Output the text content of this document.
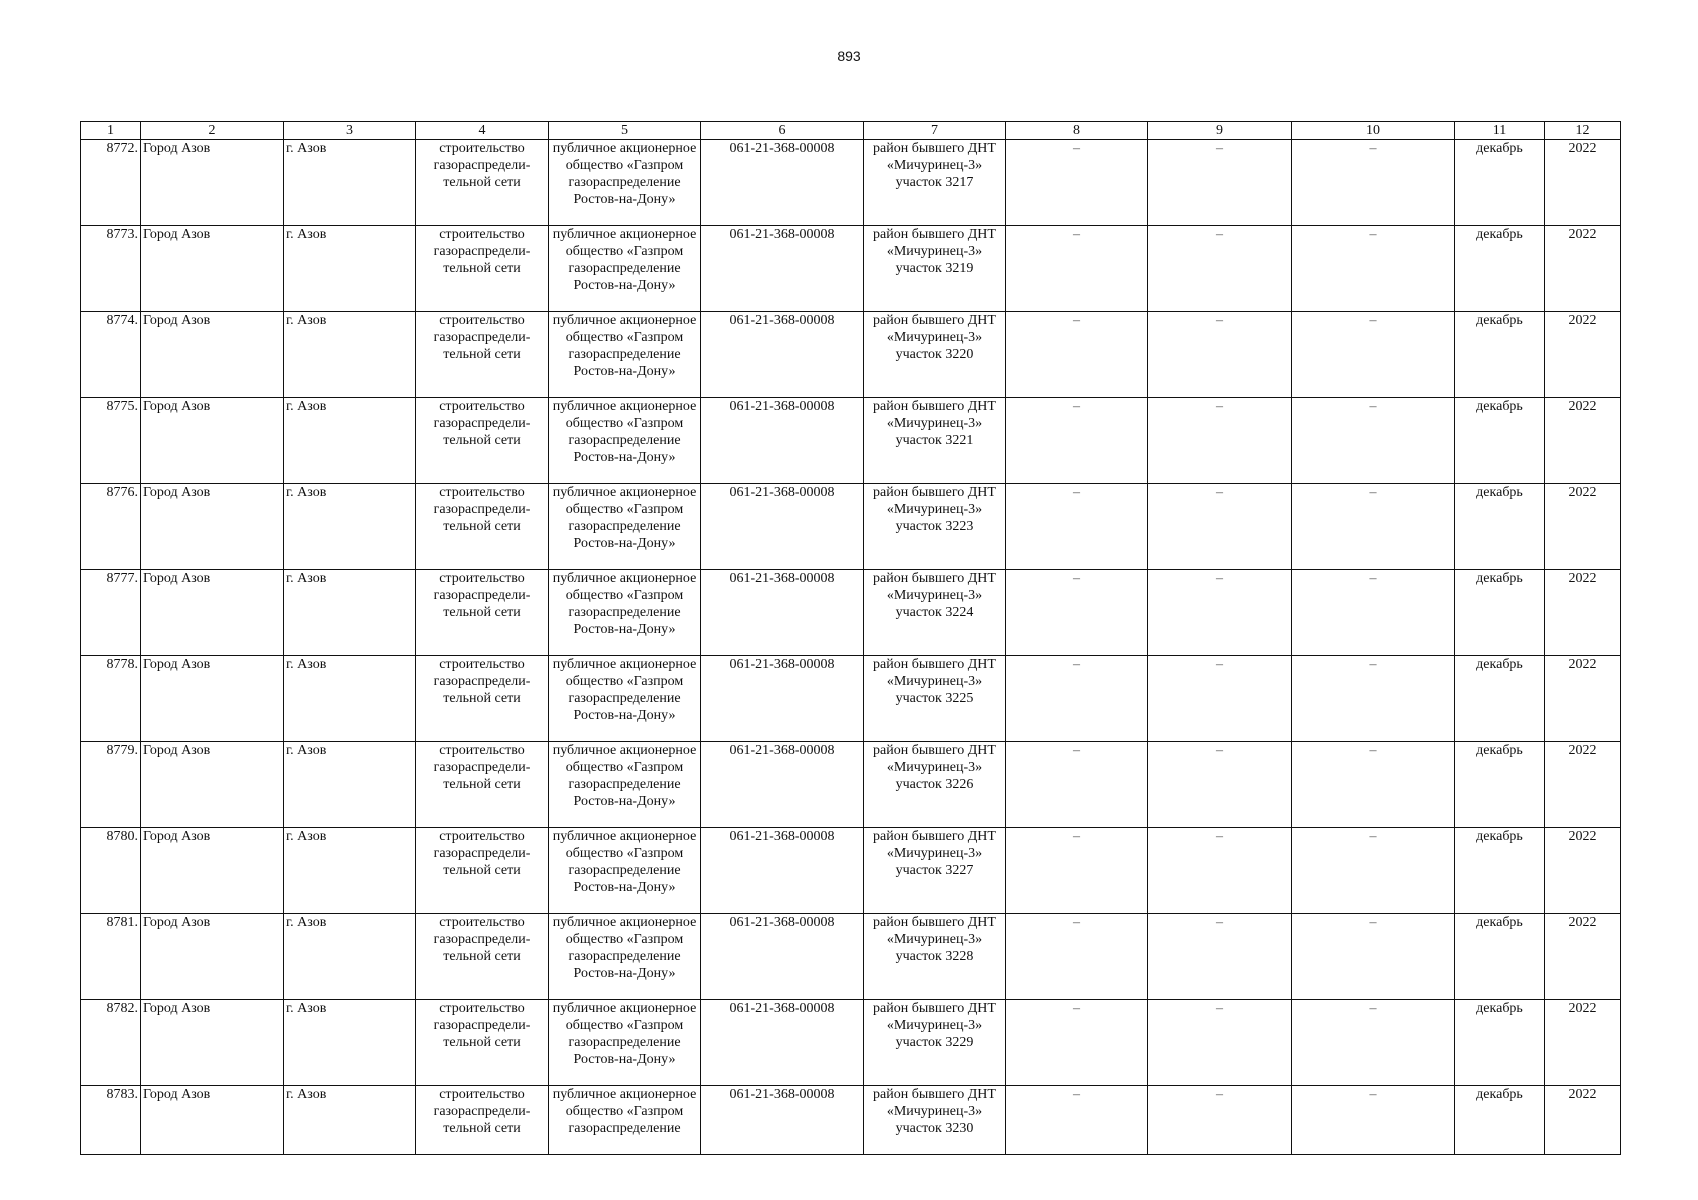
893
1	2	3	4	5	6	7	8	9	10	11	12
8772.	Город Азов	г. Азов	строительство газораспредели-тельной сети	публичное акционерное общество «Газпром газораспределение Ростов-на-Дону»	061-21-368-00008	район бывшего ДНТ «Мичуринец-3» участок 3217	–	–	–	декабрь	2022
8773.	Город Азов	г. Азов	строительство газораспредели-тельной сети	публичное акционерное общество «Газпром газораспределение Ростов-на-Дону»	061-21-368-00008	район бывшего ДНТ «Мичуринец-3» участок 3219	–	–	–	декабрь	2022
8774.	Город Азов	г. Азов	строительство газораспредели-тельной сети	публичное акционерное общество «Газпром газораспределение Ростов-на-Дону»	061-21-368-00008	район бывшего ДНТ «Мичуринец-3» участок 3220	–	–	–	декабрь	2022
8775.	Город Азов	г. Азов	строительство газораспредели-тельной сети	публичное акционерное общество «Газпром газораспределение Ростов-на-Дону»	061-21-368-00008	район бывшего ДНТ «Мичуринец-3» участок 3221	–	–	–	декабрь	2022
8776.	Город Азов	г. Азов	строительство газораспредели-тельной сети	публичное акционерное общество «Газпром газораспределение Ростов-на-Дону»	061-21-368-00008	район бывшего ДНТ «Мичуринец-3» участок 3223	–	–	–	декабрь	2022
8777.	Город Азов	г. Азов	строительство газораспредели-тельной сети	публичное акционерное общество «Газпром газораспределение Ростов-на-Дону»	061-21-368-00008	район бывшего ДНТ «Мичуринец-3» участок 3224	–	–	–	декабрь	2022
8778.	Город Азов	г. Азов	строительство газораспредели-тельной сети	публичное акционерное общество «Газпром газораспределение Ростов-на-Дону»	061-21-368-00008	район бывшего ДНТ «Мичуринец-3» участок 3225	–	–	–	декабрь	2022
8779.	Город Азов	г. Азов	строительство газораспредели-тельной сети	публичное акционерное общество «Газпром газораспределение Ростов-на-Дону»	061-21-368-00008	район бывшего ДНТ «Мичуринец-3» участок 3226	–	–	–	декабрь	2022
8780.	Город Азов	г. Азов	строительство газораспредели-тельной сети	публичное акционерное общество «Газпром газораспределение Ростов-на-Дону»	061-21-368-00008	район бывшего ДНТ «Мичуринец-3» участок 3227	–	–	–	декабрь	2022
8781.	Город Азов	г. Азов	строительство газораспредели-тельной сети	публичное акционерное общество «Газпром газораспределение Ростов-на-Дону»	061-21-368-00008	район бывшего ДНТ «Мичуринец-3» участок 3228	–	–	–	декабрь	2022
8782.	Город Азов	г. Азов	строительство газораспредели-тельной сети	публичное акционерное общество «Газпром газораспределение Ростов-на-Дону»	061-21-368-00008	район бывшего ДНТ «Мичуринец-3» участок 3229	–	–	–	декабрь	2022
8783.	Город Азов	г. Азов	строительство газораспредели-тельной сети	публичное акционерное общество «Газпром газораспределение	061-21-368-00008	район бывшего ДНТ «Мичуринец-3» участок 3230	–	–	–	декабрь	2022
